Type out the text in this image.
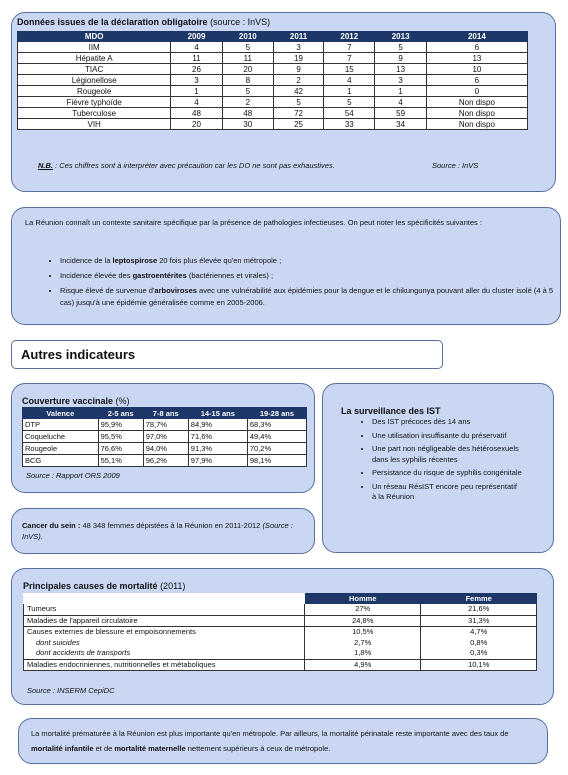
Données issues de la déclaration obligatoire (source : InVS)
MDO	2009	2010	2011	2012	2013	2014
IIM	4	5	3	7	5	6
Hépatite A	11	11	19	7	9	13
TIAC	26	20	9	15	13	10
Légionellose	3	8	2	4	3	6
Rougeole	1	5	42	1	1	0
Fièvre typhoïde	4	2	5	5	4	Non dispo
Tuberculose	48	48	72	54	59	Non dispo
VIH	20	30	25	33	34	Non dispo
N.B. : Ces chiffres sont à interpréter avec précaution car les DO ne sont pas exhaustives.	Source : InVS
La Réunion connaît un contexte sanitaire spécifique par la présence de pathologies infectieuses. On peut noter les spécificités suivantes :
• Incidence de la leptospirose 20 fois plus élevée qu'en métropole ;
• Incidence élevée des gastroentérites (bactériennes et virales) ;
• Risque élevé de survenue d'arboviroses avec une vulnérabilité aux épidémies pour la dengue et le chikungunya pouvant aller du cluster isolé (4 à 5 cas) jusqu'à une épidémie généralisée comme en 2005-2006.
Autres indicateurs
Couverture vaccinale (%)
Valence	2-5 ans	7-8 ans	14-15 ans	19-28 ans
DTP	95,9%	78,7%	84,9%	68,3%
Coqueluche	95,5%	97,0%	71,6%	49,4%
Rougeole	76,6%	94,0%	91,3%	70,2%
BCG	55,1%	96,2%	97,9%	98,1%
Source : Rapport ORS 2009
La surveillance des IST
• Des IST précoces dès 14 ans
• Une utilisation insuffisante du préservatif
• Une part non négligeable des hétérosexuels dans les syphilis récentes
• Persistance du risque de syphilis congénitale
• Un réseau RésIST encore peu représentatif à la Réunion
Cancer du sein : 48 348 femmes dépistées à la Réunion en 2011-2012 (Source : InVS).
Principales causes de mortalité (2011)
	Homme	Femme
Tumeurs	27%	21,6%
Maladies de l'appareil circulatoire	24,8%	31,3%
Causes externes de blessure et empoisonnements	10,5%	4,7%
dont suicides	2,7%	0,8%
dont accidents de transports	1,8%	0,3%
Maladies endocriniennes, nutritionnelles et métaboliques	4,9%	10,1%
Source : INSERM CepiDC
La mortalité prématurée à la Réunion est plus importante qu'en métropole. Par ailleurs, la mortalité périnatale reste importante avec des taux de mortalité infantile et de mortalité maternelle nettement supérieurs à ceux de métropole.
